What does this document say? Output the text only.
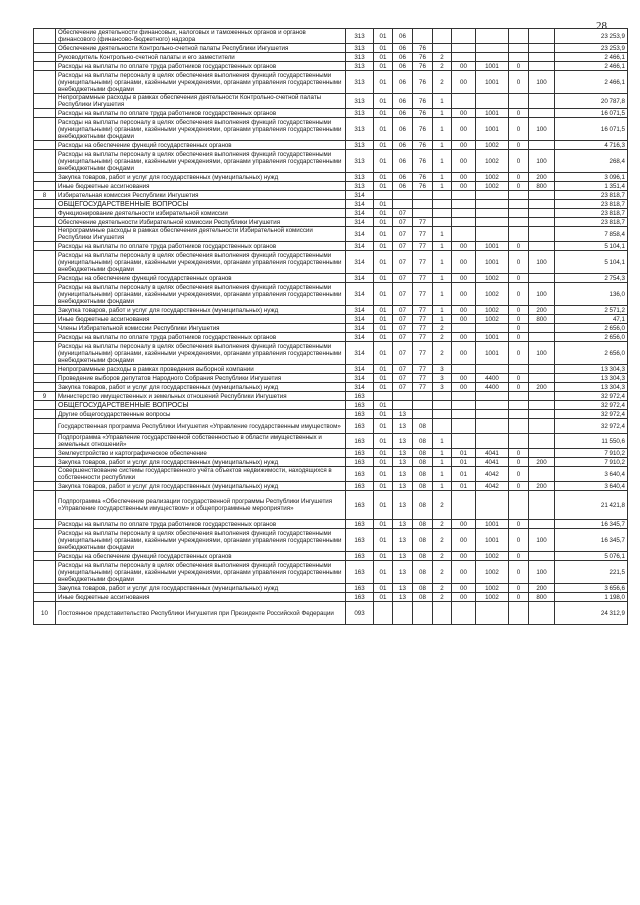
28
	Обеспечение деятельности финансовых, налоговых и таможенных органов и органов финансового (финансово-бюджетного) надзора	313	01	06							23 253,9
	Обеспечение деятельности Контрольно-счетной палаты Республики Ингушетия	313	01	06	76						23 253,9
	Руководитель Контрольно-счетной палаты и его заместители	313	01	06	76	2					2 466,1
	Расходы на выплаты по оплате труда работников государственных органов	313	01	06	76	2	00	1001	0		2 466,1
	Расходы на выплаты персоналу в целях обеспечения выполнения функций государственными (муниципальными) органами, казёнными учреждениями, органами управления государственными внебюджетными фондами	313	01	06	76	2	00	1001	0	100	2 466,1
	Непрограммные расходы в рамках обеспечения деятельности Контрольно-счетной палаты Республики Ингушетия	313	01	06	76	1					20 787,8
	Расходы на выплаты по оплате труда работников государственных органов	313	01	06	76	1	00	1001	0		16 071,5
	Расходы на выплаты персоналу в целях обеспечения выполнения функций государственными (муниципальными) органами, казёнными учреждениями, органами управления государственными внебюджетными фондами	313	01	06	76	1	00	1001	0	100	16 071,5
	Расходы на обеспечение функций государственных органов	313	01	06	76	1	00	1002	0		4 716,3
	Расходы на выплаты персоналу в целях обеспечения выполнения функций государственными (муниципальными) органами, казёнными учреждениями, органами управления государственными внебюджетными фондами	313	01	06	76	1	00	1002	0	100	268,4
	Закупка товаров, работ и услуг для государственных (муниципальных) нужд	313	01	06	76	1	00	1002	0	200	3 096,1
	Иные бюджетные ассигнования	313	01	06	76	1	00	1002	0	800	1 351,4
8	Избирательная комиссия Республики Ингушетия	314									23 818,7
	ОБЩЕГОСУДАРСТВЕННЫЕ ВОПРОСЫ	314	01								23 818,7
	Функционирование деятельности избирательной комиссии	314	01	07							23 818,7
	Обеспечение деятельности Избирательной комиссии Республики Ингушетия	314	01	07	77						23 818,7
	Непрограммные расходы в рамках обеспечения деятельности Избирательной комиссии Республики Ингушетия	314	01	07	77	1					7 858,4
	Расходы на выплаты по оплате труда работников государственных органов	314	01	07	77	1	00	1001	0		5 104,1
	Расходы на выплаты персоналу в целях обеспечения выполнения функций государственными (муниципальными) органами, казёнными учреждениями, органами управления государственными внебюджетными фондами	314	01	07	77	1	00	1001	0	100	5 104,1
	Расходы на обеспечение функций государственных органов	314	01	07	77	1	00	1002	0		2 754,3
	Расходы на выплаты персоналу в целях обеспечения выполнения функций государственными (муниципальными) органами, казёнными учреждениями, органами управления государственными внебюджетными фондами	314	01	07	77	1	00	1002	0	100	136,0
	Закупка товаров, работ и услуг для государственных (муниципальных) нужд	314	01	07	77	1	00	1002	0	200	2 571,2
	Иные бюджетные ассигнования	314	01	07	77	1	00	1002	0	800	47,1
	Члены Избирательной комиссии Республики Ингушетия	314	01	07	77	2			0		2 656,0
	Расходы на выплаты по оплате труда работников государственных органов	314	01	07	77	2	00	1001	0		2 656,0
	Расходы на выплаты персоналу в целях обеспечения выполнения функций государственными (муниципальными) органами, казёнными учреждениями, органами управления государственными внебюджетными фондами	314	01	07	77	2	00	1001	0	100	2 656,0
	Непрограммные расходы в рамках проведения выборной компании	314	01	07	77	3					13 304,3
	Проведение выборов депутатов Народного Собрания Республики Ингушетия	314	01	07	77	3	00	4400	0		13 304,3
	Закупка товаров, работ и услуг для государственных (муниципальных) нужд	314	01	07	77	3	00	4400	0	200	13 304,3
9	Министерство имущественных и земельных отношений Республики Ингушетия	163									32 972,4
	ОБЩЕГОСУДАРСТВЕННЫЕ ВОПРОСЫ	163	01								32 972,4
	Другие общегосударственные вопросы	163	01	13							32 972,4
	Государственная программа Республики Ингушетия «Управление государственным имуществом»	163	01	13	08						32 972,4
	Подпрограмма «Управление государственной собственностью в области имущественных и земельных отношений»	163	01	13	08	1					11 550,6
	Землеустройство и картографическое обеспечение	163	01	13	08	1	01	4041	0		7 910,2
	Закупка товаров, работ и услуг для государственных (муниципальных) нужд	163	01	13	08	1	01	4041	0	200	7 910,2
	Совершенствование системы государственного учёта объектов недвижимости, находящихся в собственности республики	163	01	13	08	1	01	4042	0		3 640,4
	Закупка товаров, работ и услуг для государственных (муниципальных) нужд	163	01	13	08	1	01	4042	0	200	3 640,4
	Подпрограмма «Обеспечение реализации государственной программы Республики Ингушетия «Управление государственным имуществом» и общепрограммные мероприятия»	163	01	13	08	2					21 421,8
	Расходы на выплаты по оплате труда работников государственных органов	163	01	13	08	2	00	1001	0		16 345,7
	Расходы на выплаты персоналу в целях обеспечения выполнения функций государственными (муниципальными) органами, казёнными учреждениями, органами управления государственными внебюджетными фондами	163	01	13	08	2	00	1001	0	100	16 345,7
	Расходы на обеспечение функций государственных органов	163	01	13	08	2	00	1002	0		5 076,1
	Расходы на выплаты персоналу в целях обеспечения выполнения функций государственными (муниципальными) органами, казёнными учреждениями, органами управления государственными внебюджетными фондами	163	01	13	08	2	00	1002	0	100	221,5
	Закупка товаров, работ и услуг для государственных (муниципальных) нужд	163	01	13	08	2	00	1002	0	200	3 656,6
	Иные бюджетные ассигнования	163	01	13	08	2	00	1002	0	800	1 198,0
10	Постоянное представительство Республики Ингушетия при Президенте Российской Федерации	093									24 312,9
